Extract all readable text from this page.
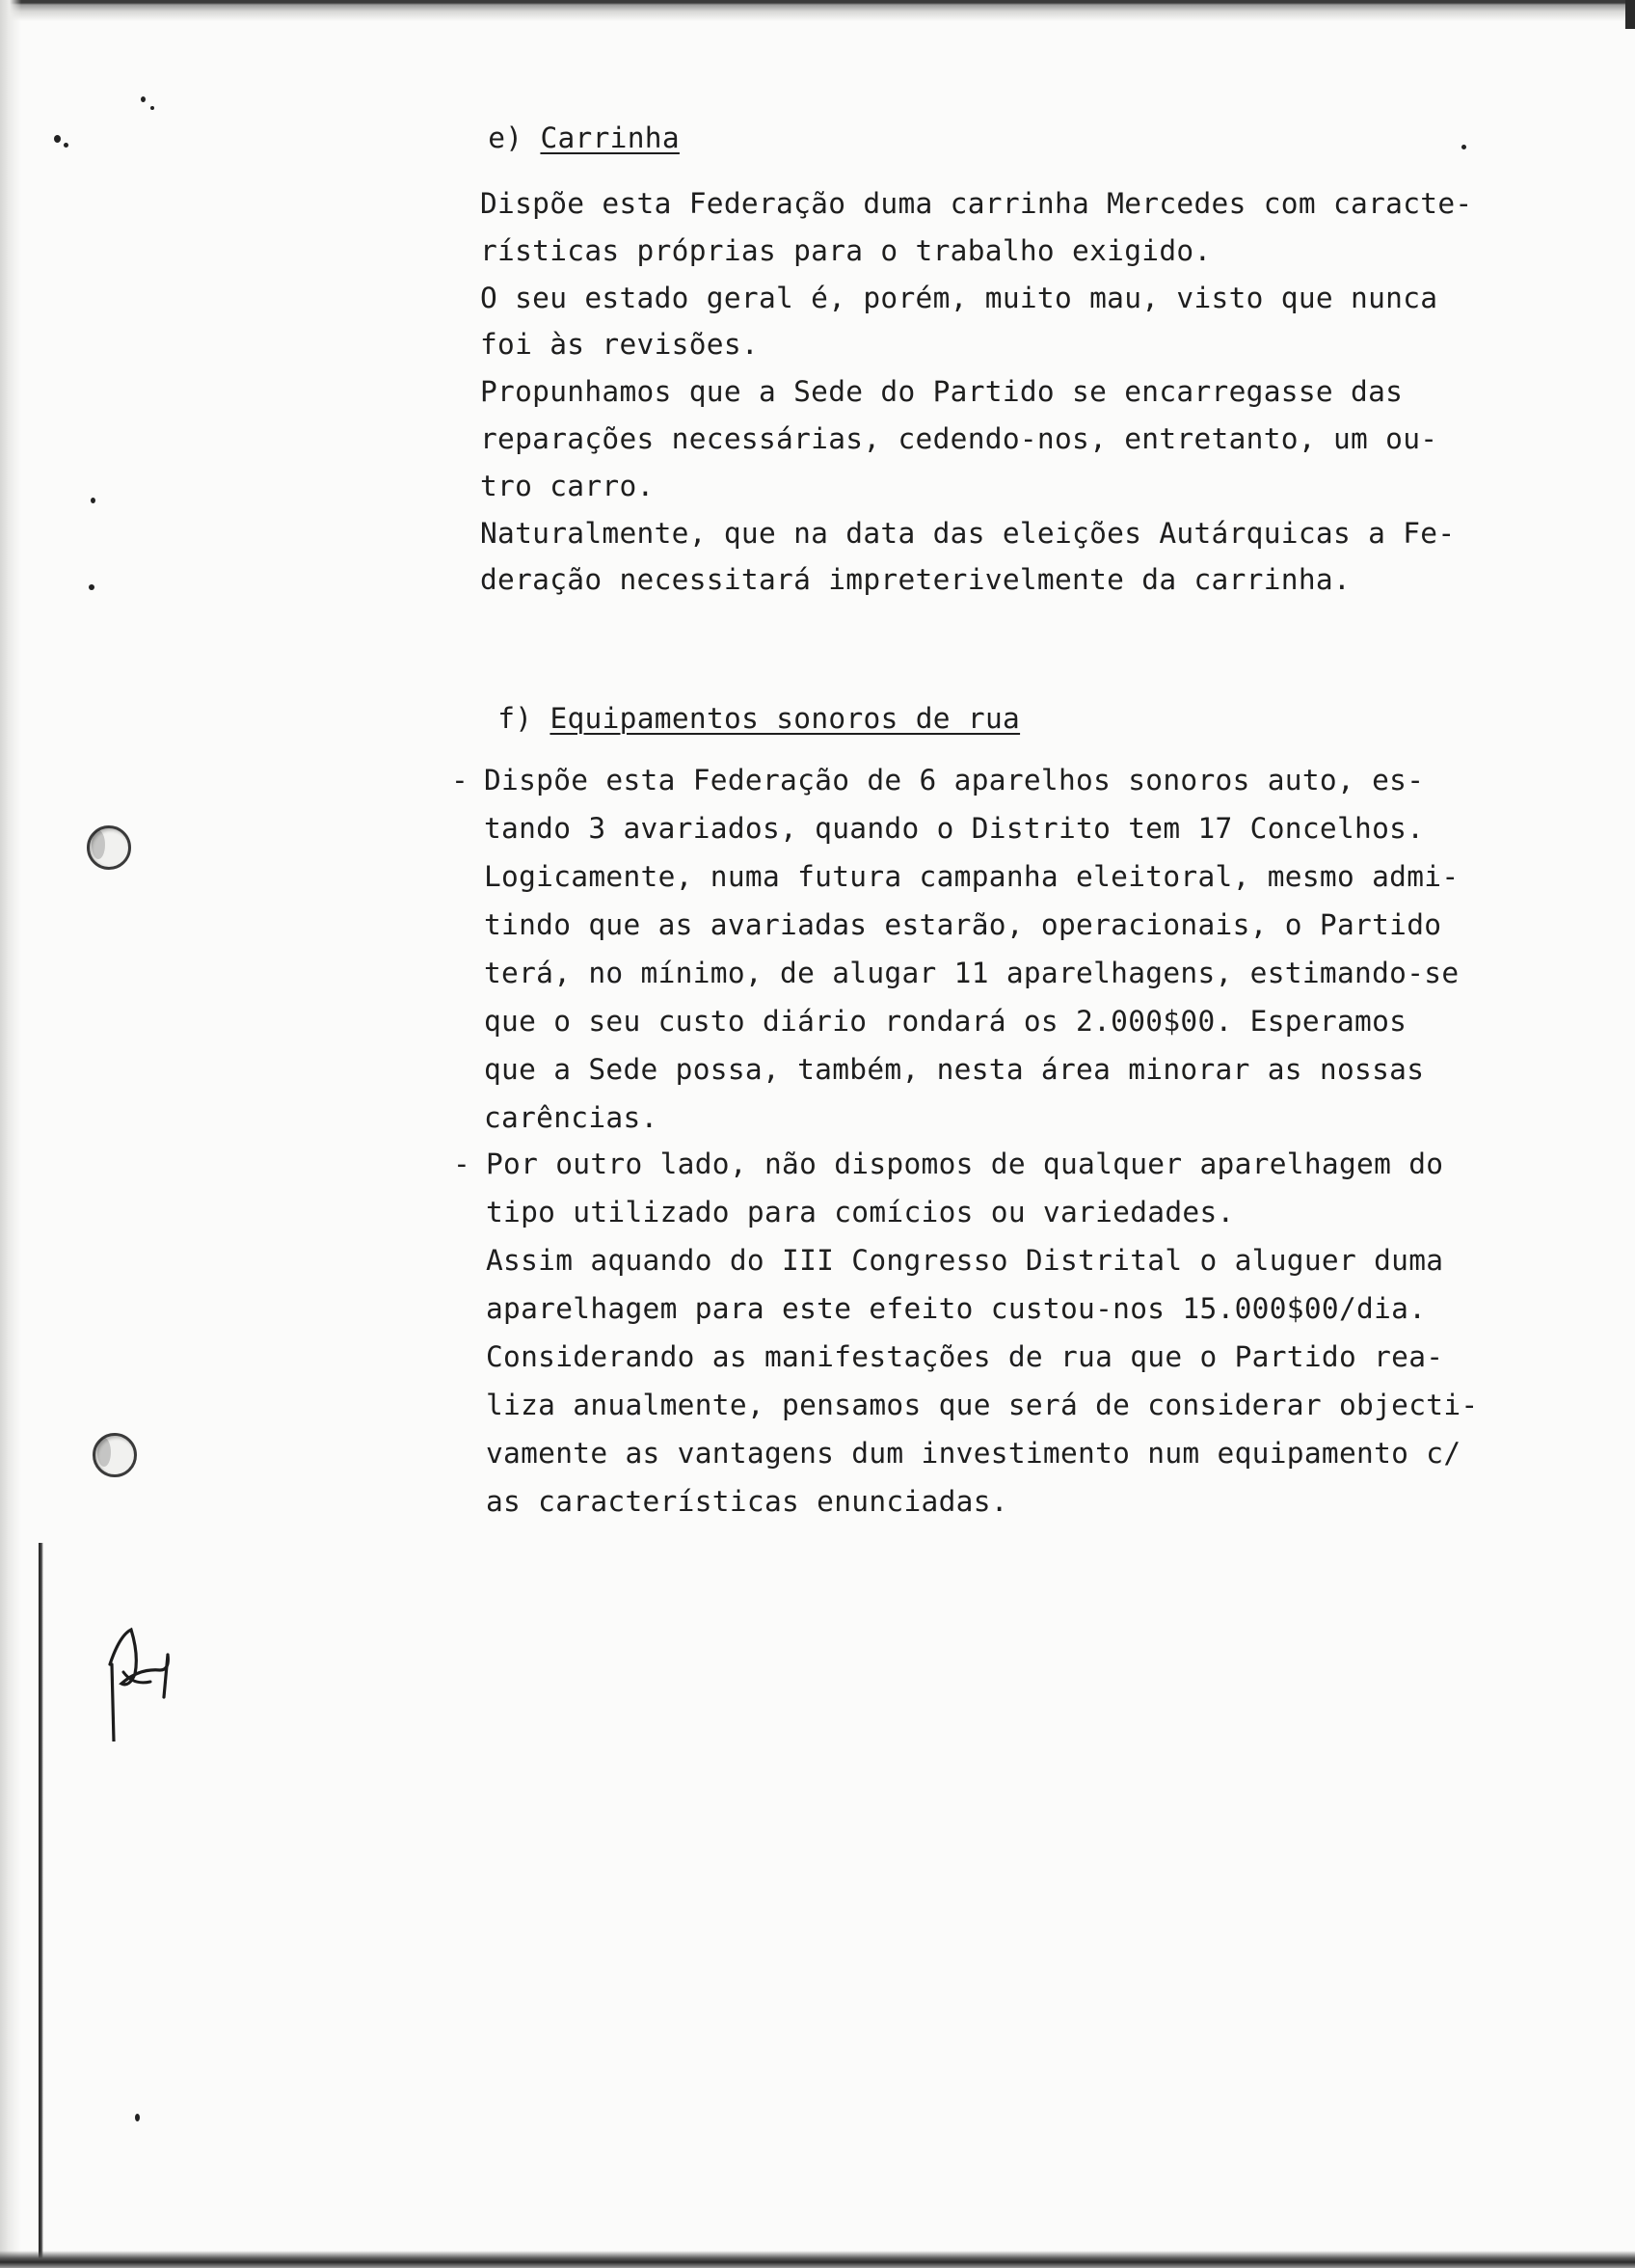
e) Carrinha

Dispõe esta Federação duma carrinha Mercedes com caracte-

rísticas próprias para o trabalho exigido.

O seu estado geral é, porém, muito mau, visto que nunca

foi às revisões.

Propunhamos que a Sede do Partido se encarregasse das

reparações necessárias, cedendo-nos, entretanto, um ou-

tro carro.

Naturalmente, que na data das eleições Autárquicas a Fe-

deração necessitará impreterivelmente da carrinha.

f) Equipamentos sonoros de rua

-

Dispõe esta Federação de 6 aparelhos sonoros auto, es-

tando 3 avariados, quando o Distrito tem 17 Concelhos.

Logicamente, numa futura campanha eleitoral, mesmo admi-

tindo que as avariadas estarão, operacionais, o Partido

terá, no mínimo, de alugar 11 aparelhagens, estimando-se

que o seu custo diário rondará os 2.000$00. Esperamos

que a Sede possa, também, nesta área minorar as nossas

carências.

-

Por outro lado, não dispomos de qualquer aparelhagem do

tipo utilizado para comícios ou variedades.

Assim aquando do III Congresso Distrital o aluguer duma

aparelhagem para este efeito custou-nos 15.000$00/dia.

Considerando as manifestações de rua que o Partido rea-

liza anualmente, pensamos que será de considerar objecti-

vamente as vantagens dum investimento num equipamento c/

as características enunciadas.
